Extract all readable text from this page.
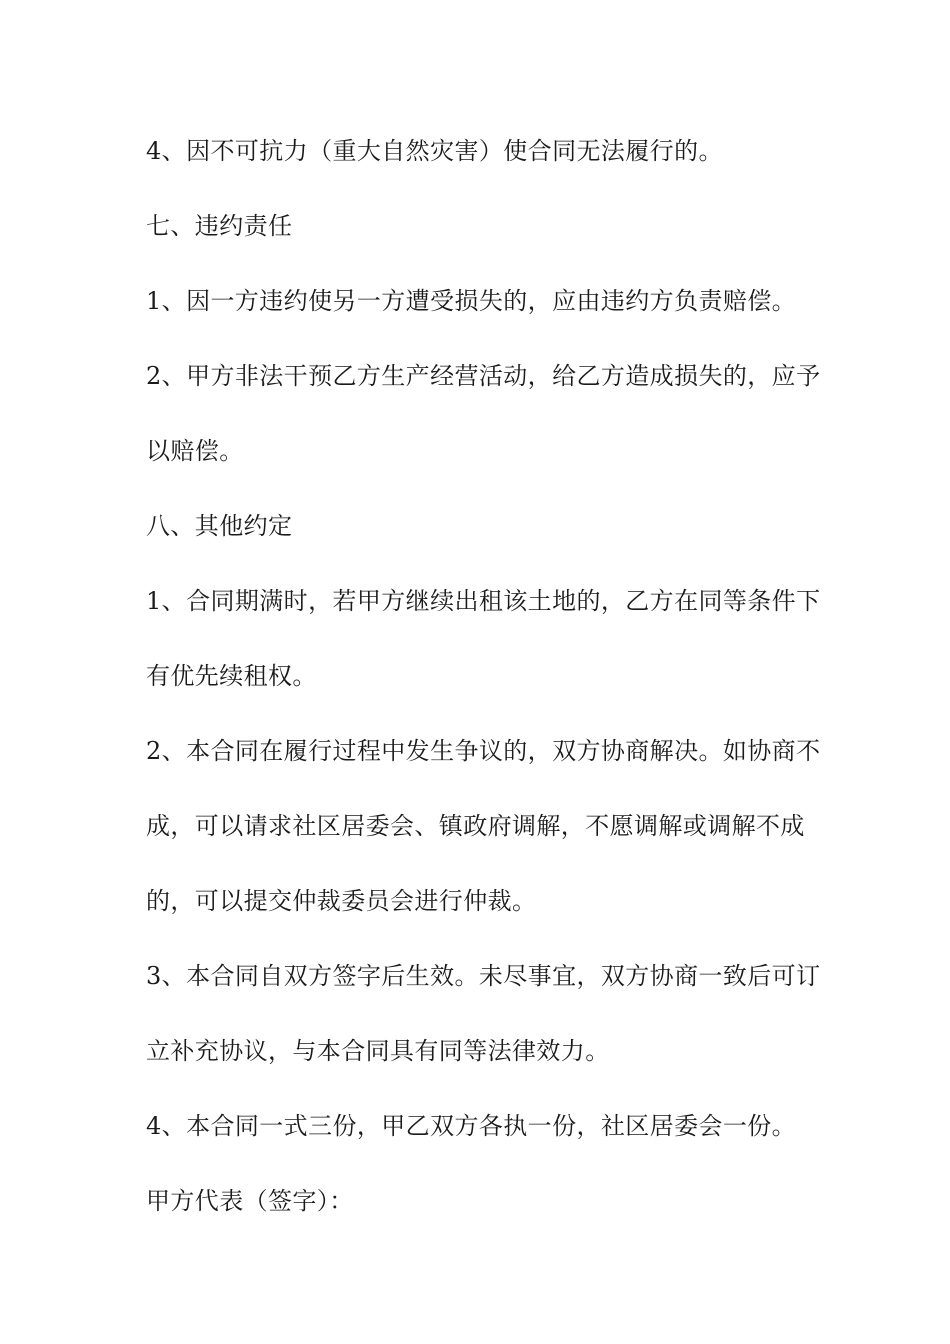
4、因不可抗力（重大自然灾害）使合同无法履行的。
七、违约责任
1、因一方违约使另一方遭受损失的，应由违约方负责赔偿。
2、甲方非法干预乙方生产经营活动，给乙方造成损失的，应予
以赔偿。
八、其他约定
1、合同期满时，若甲方继续出租该土地的，乙方在同等条件下
有优先续租权。
2、本合同在履行过程中发生争议的，双方协商解决。如协商不
成，可以请求社区居委会、镇政府调解，不愿调解或调解不成
的，可以提交仲裁委员会进行仲裁。
3、本合同自双方签字后生效。未尽事宜，双方协商一致后可订
立补充协议，与本合同具有同等法律效力。
4、本合同一式三份，甲乙双方各执一份，社区居委会一份。
甲方代表（签字）：
